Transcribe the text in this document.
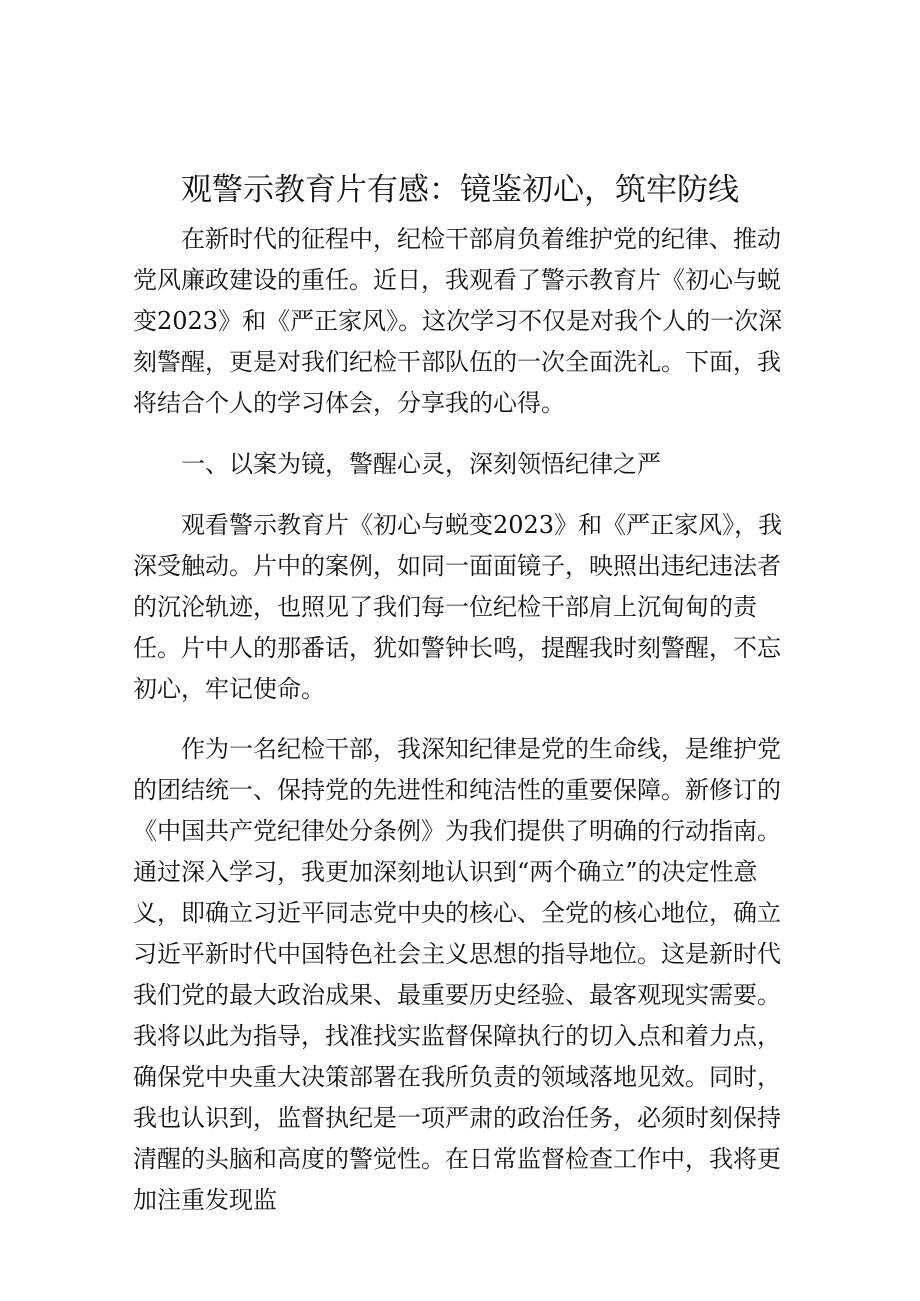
观警示教育片有感：镜鉴初心，筑牢防线

在新时代的征程中，纪检干部肩负着维护党的纪律、推动党风廉政建设的重任。近日，我观看了警示教育片《初心与蜕变2023》和《严正家风》。这次学习不仅是对我个人的一次深刻警醒，更是对我们纪检干部队伍的一次全面洗礼。下面，我将结合个人的学习体会，分享我的心得。

一、以案为镜，警醒心灵，深刻领悟纪律之严

观看警示教育片《初心与蜕变2023》和《严正家风》，我深受触动。片中的案例，如同一面面镜子，映照出违纪违法者的沉沦轨迹，也照见了我们每一位纪检干部肩上沉甸甸的责任。片中人的那番话，犹如警钟长鸣，提醒我时刻警醒，不忘初心，牢记使命。

作为一名纪检干部，我深知纪律是党的生命线，是维护党的团结统一、保持党的先进性和纯洁性的重要保障。新修订的《中国共产党纪律处分条例》为我们提供了明确的行动指南。通过深入学习，我更加深刻地认识到“两个确立”的决定性意义，即确立习近平同志党中央的核心、全党的核心地位，确立习近平新时代中国特色社会主义思想的指导地位。这是新时代我们党的最大政治成果、最重要历史经验、最客观现实需要。我将以此为指导，找准找实监督保障执行的切入点和着力点，确保党中央重大决策部署在我所负责的领域落地见效。同时，我也认识到，监督执纪是一项严肃的政治任务，必须时刻保持清醒的头脑和高度的警觉性。在日常监督检查工作中，我将更加注重发现监
